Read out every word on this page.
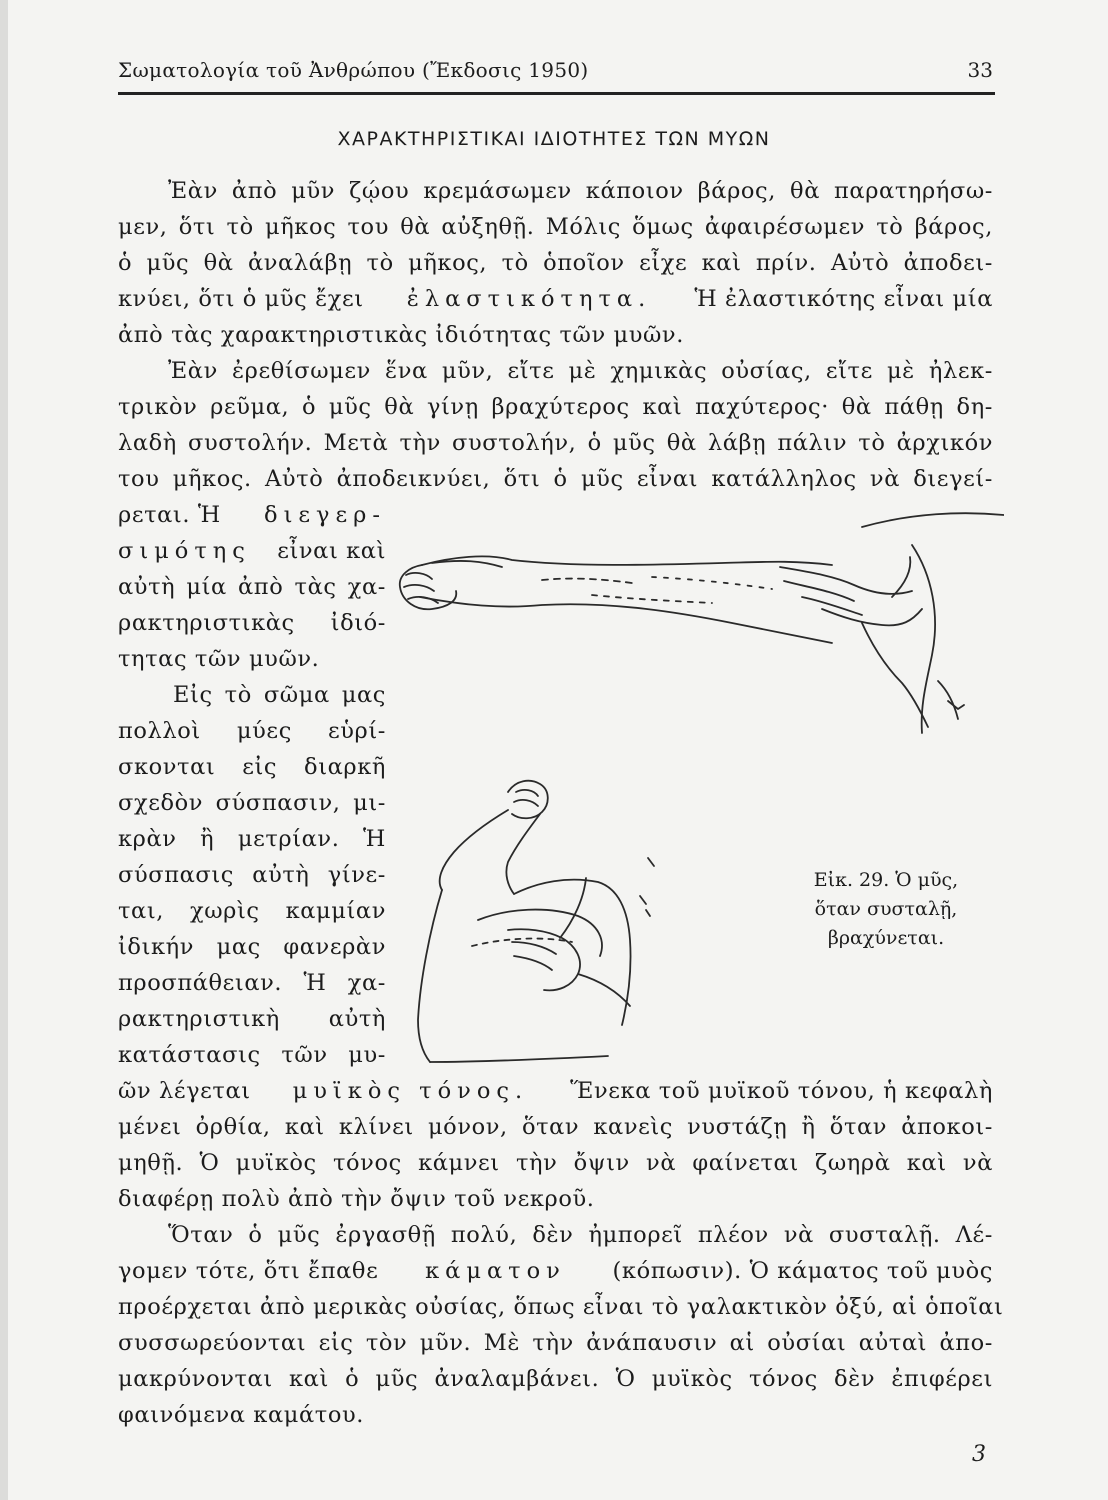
Σωματολογία τοῦ Ἀνθρώπου (Ἔκδοσις 1950)	33
ΧΑΡΑΚΤΗΡΙΣΤΙΚΑΙ ΙΔΙΟΤΗΤΕΣ ΤΩΝ ΜΥΩΝ
Ἐὰν ἀπὸ μῦν ζῴου κρεμάσωμεν κάποιον βάρος, θὰ παρατηρήσω-
μεν, ὅτι τὸ μῆκος του θὰ αὐξηθῇ. Μόλις ὅμως ἀφαιρέσωμεν τὸ βάρος,
ὁ μῦς θὰ ἀναλάβῃ τὸ μῆκος, τὸ ὁποῖον εἶχε καὶ πρίν. Αὐτὸ ἀποδει-
κνύει, ὅτι ὁ μῦς ἔχει ἐλαστικότητα. Ἡ ἐλαστικότης εἶναι μία
ἀπὸ τὰς χαρακτηριστικὰς ἰδιότητας τῶν μυῶν.
Ἐὰν ἐρεθίσωμεν ἕνα μῦν, εἴτε μὲ χημικὰς οὐσίας, εἴτε μὲ ἠλεκ-
τρικὸν ρεῦμα, ὁ μῦς θὰ γίνῃ βραχύτερος καὶ παχύτερος· θὰ πάθῃ δη-
λαδὴ συστολήν. Μετὰ τὴν συστολήν, ὁ μῦς θὰ λάβῃ πάλιν τὸ ἀρχικόν
του μῆκος. Αὐτὸ ἀποδεικνύει, ὅτι ὁ μῦς εἶναι κατάλληλος νὰ διεγεί-
ρεται. Ἡ διεγερ-
σιμότης εἶναι καὶ
αὐτὴ μία ἀπὸ τὰς χα-
ρακτηριστικὰς ἰδιό-
τητας τῶν μυῶν.
Εἰς τὸ σῶμα μας
πολλοὶ μύες εὑρί-
σκονται εἰς διαρκῆ
σχεδὸν σύσπασιν, μι-
κρὰν ἢ μετρίαν. Ἡ
σύσπασις αὐτὴ γίνε-
ται, χωρὶς καμμίαν
ἰδικήν μας φανερὰν
προσπάθειαν. Ἡ χα-
ρακτηριστικὴ αὐτὴ
κατάστασις τῶν μυ-
ῶν λέγεται μυϊκὸς τόνος. Ἕνεκα τοῦ μυϊκοῦ τόνου, ἡ κεφαλὴ
μένει ὀρθία, καὶ κλίνει μόνον, ὅταν κανεὶς νυστάζῃ ἢ ὅταν ἀποκοι-
μηθῇ. Ὁ μυϊκὸς τόνος κάμνει τὴν ὄψιν νὰ φαίνεται ζωηρὰ καὶ νὰ
διαφέρῃ πολὺ ἀπὸ τὴν ὄψιν τοῦ νεκροῦ.
Ὅταν ὁ μῦς ἐργασθῇ πολύ, δὲν ἠμπορεῖ πλέον νὰ συσταλῇ. Λέ-
γομεν τότε, ὅτι ἔπαθε κάματον (κόπωσιν). Ὁ κάματος τοῦ μυὸς
προέρχεται ἀπὸ μερικὰς οὐσίας, ὅπως εἶναι τὸ γαλακτικὸν ὀξύ, αἱ ὁποῖαι
συσσωρεύονται εἰς τὸν μῦν. Μὲ τὴν ἀνάπαυσιν αἱ οὐσίαι αὐταὶ ἀπο-
μακρύνονται καὶ ὁ μῦς ἀναλαμβάνει. Ὁ μυϊκὸς τόνος δὲν ἐπιφέρει
φαινόμενα καμάτου.
Εἰκ. 29. Ὁ μῦς,
ὅταν συσταλῇ,
βραχύνεται.
3
